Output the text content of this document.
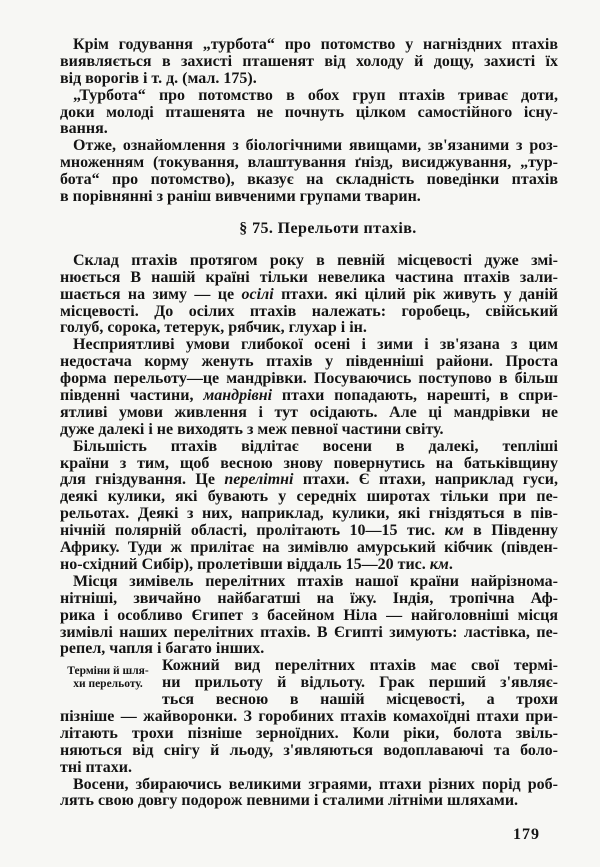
Крім годування „турбота“ про потомство у нагніздних птахів
виявляється в захисті пташенят від холоду й дощу, захисті їх
від ворогів і т. д. (мал. 175).
„Турбота“ про потомство в обох груп птахів триває доти,
доки молоді пташенята не почнуть цілком самостійного існу-
вання.
Отже, ознайомлення з біологічними явищами, зв'язаними з роз-
множенням (токування, влаштування ґнізд, висиджування, „тур-
бота“ про потомство), вказує на складність поведінки птахів
в порівнянні з раніш вивченими групами тварин.
§ 75. Перельоти птахів.
Склад птахів протягом року в певній місцевості дуже змі-
нюється В нашій країні тільки невелика частина птахів зали-
шається на зиму — це осілі птахи. які цілий рік живуть у даній
місцевості. До осілих птахів належать: горобець, свійський
голуб, сорока, тетерук, рябчик, глухар і ін.
Несприятливі умови глибокої осені і зими і зв'язана з цим
недостача корму женуть птахів у південніші райони. Проста
форма перельоту—це мандрівки. Посуваючись поступово в більш
південні частини, мандрівні птахи попадають, нарешті, в спри-
ятливі умови живлення і тут осідають. Але ці мандрівки не
дуже далекі і не виходять з меж певної частини світу.
Більшість птахів відлітає восени в далекі, тепліші
країни з тим, щоб весною знову повернутись на батьківщину
для гніздування. Це перелітні птахи. Є птахи, наприклад гуси,
деякі кулики, які бувають у середніх широтах тільки при пе-
рельотах. Деякі з них, наприклад, кулики, які гніздяться в пів-
нічній полярній області, пролітають 10—15 тис. км в Південну
Африку. Туди ж прилітає на зимівлю амурський кібчик (півден-
но-східний Сибір), пролетівши віддаль 15—20 тис. км.
Місця зимівель перелітних птахів нашої країни найрізнома-
нітніші, звичайно найбагатші на їжу. Індія, тропічна Аф-
рика і особливо Єгипет з басейном Ніла — найголовніші місця
зимівлі наших перелітних птахів. В Єгипті зимують: ластівка, пе-
репел, чапля і багато інших.
Терміни й шля-
хи перельоту.
Кожний вид перелітних птахів має свої термі-
ни прильоту й відльоту. Грак перший з'являє-
ться весною в нашій місцевості, а трохи
пізніше — жайворонки. З горобиних птахів комахоїдні птахи при-
літають трохи пізніше зерноїдних. Коли ріки, болота звіль-
няються від снігу й льоду, з'являються водоплаваючі та боло-
тні птахи.
Восени, збираючись великими зграями, птахи різних порід роб-
лять свою довгу подорож певними і сталими літніми шляхами.
179
